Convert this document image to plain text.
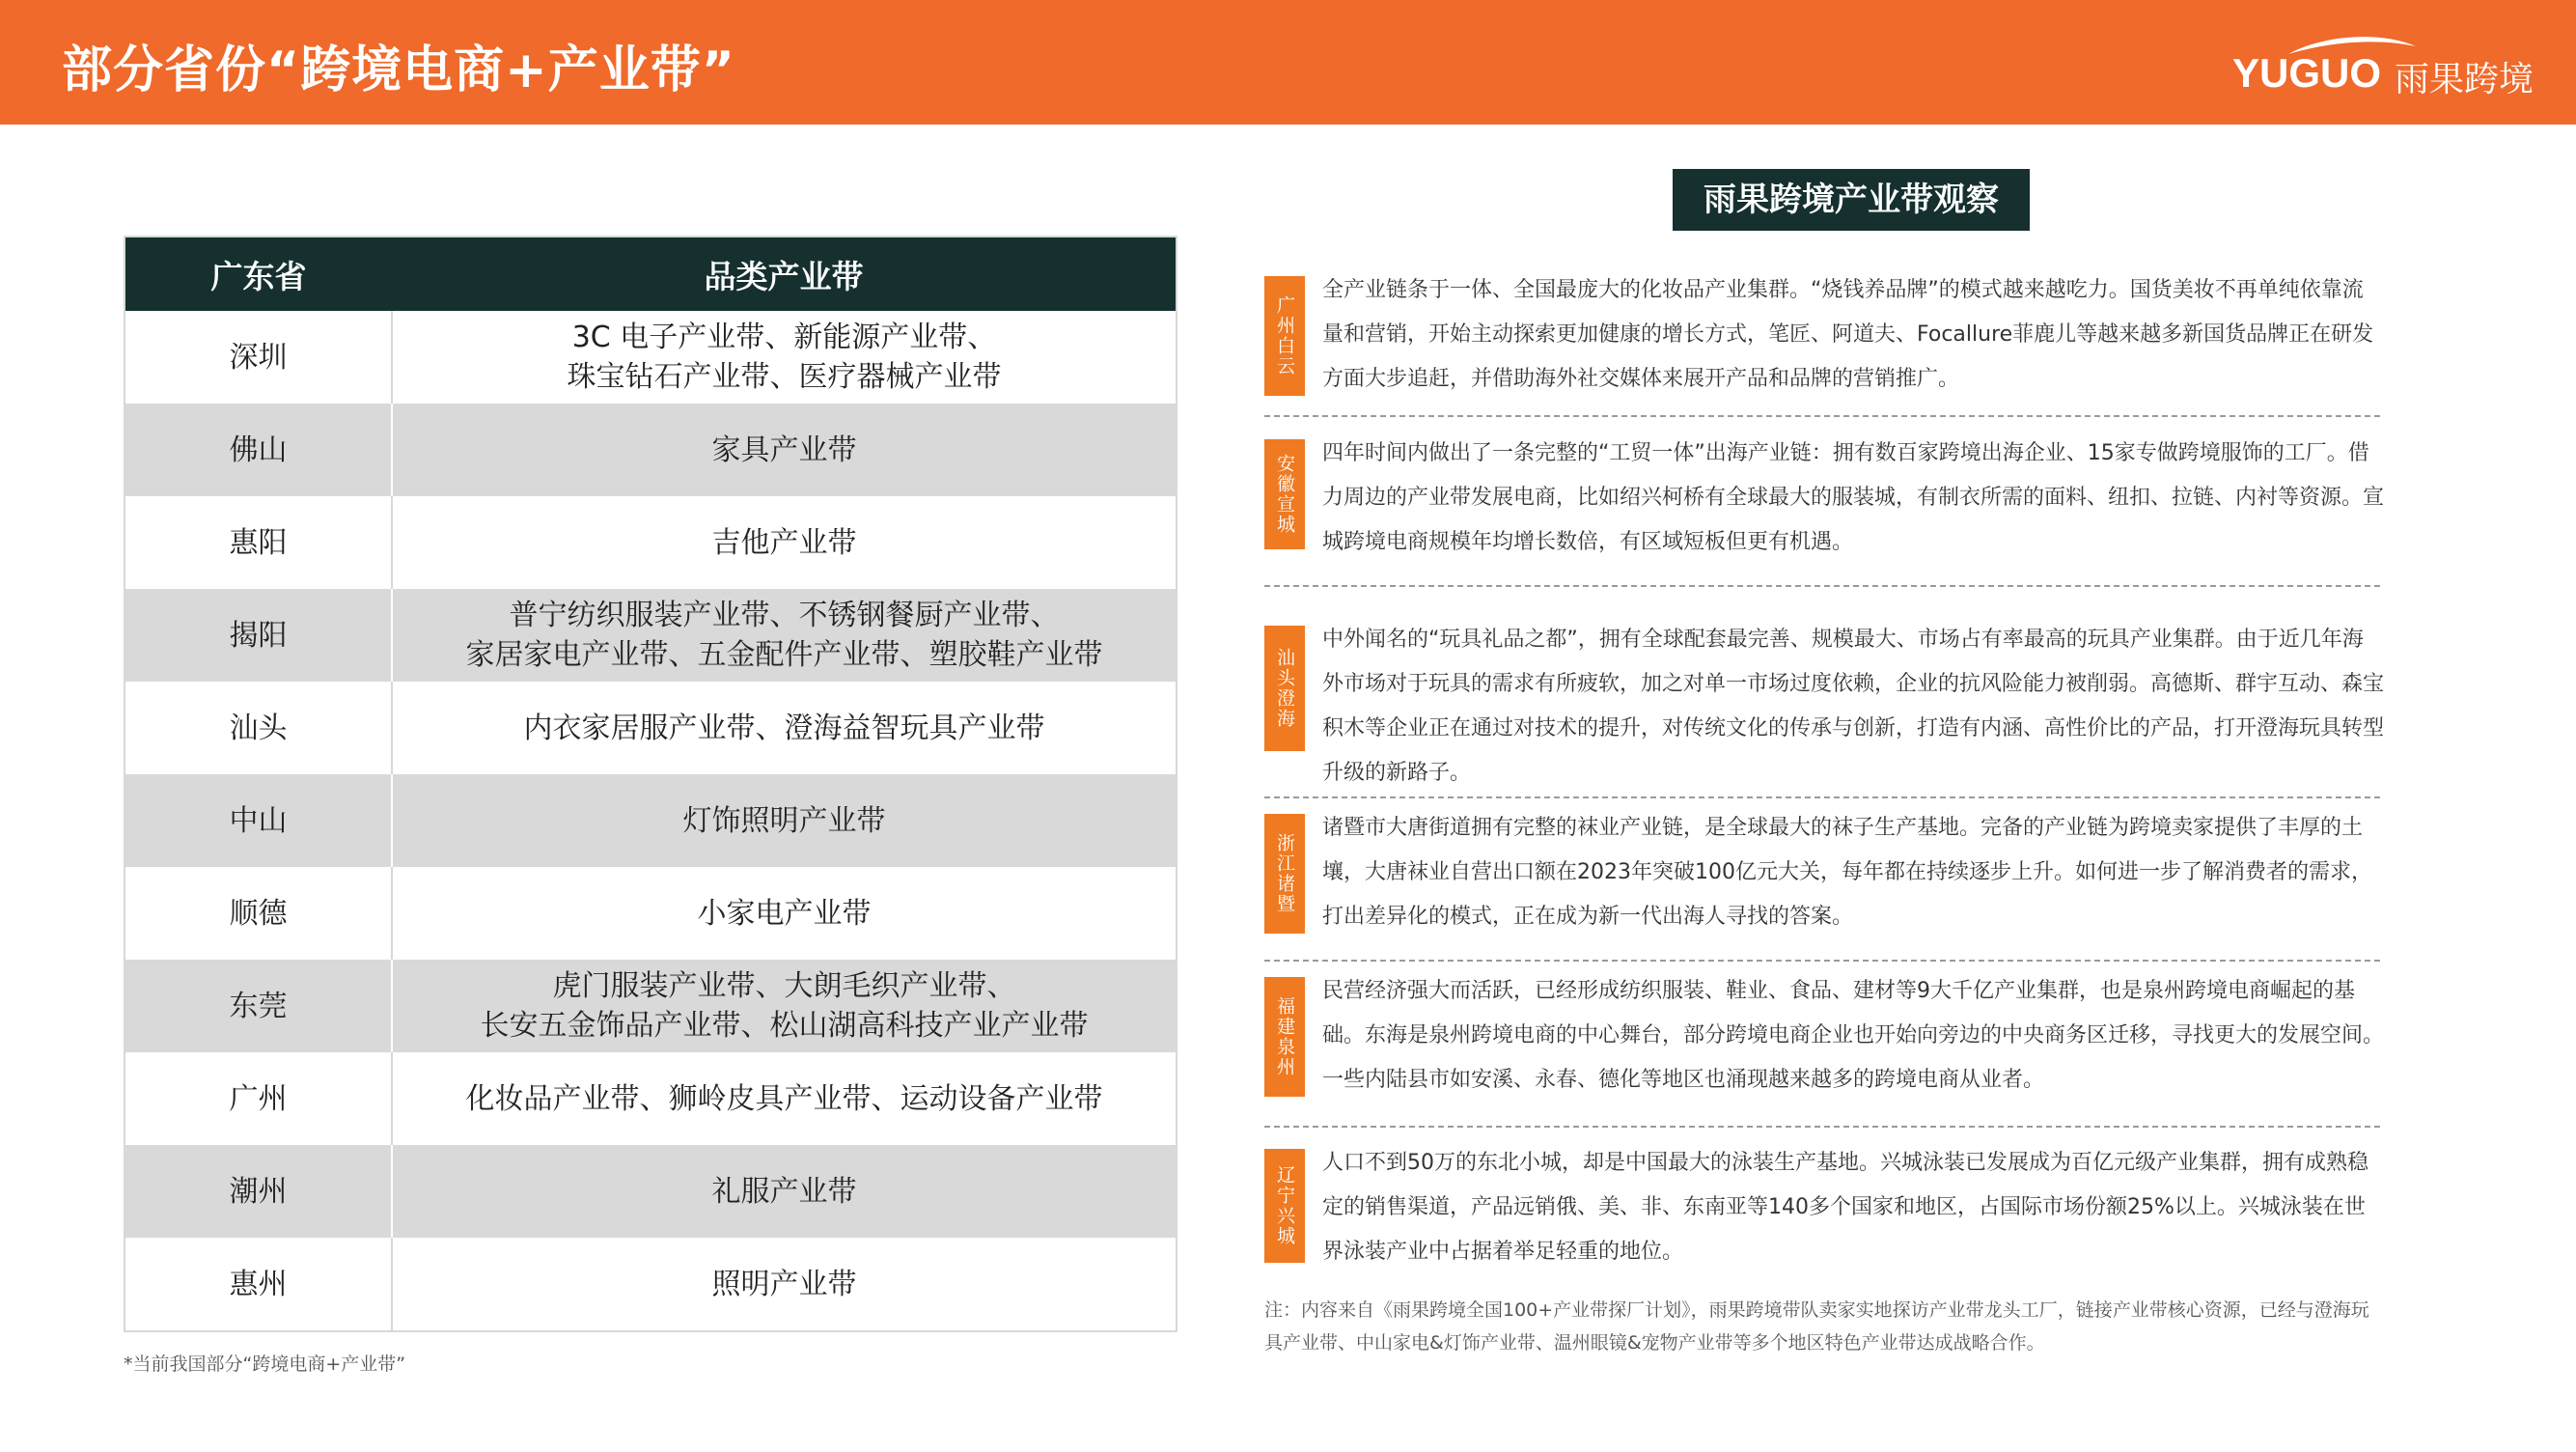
部分省份“跨境电商+产业带”	YUGUO 雨果跨境
广东省	品类产业带
深圳	3C 电子产业带、新能源产业带、
珠宝钻石产业带、医疗器械产业带
佛山	家具产业带
惠阳	吉他产业带
揭阳	普宁纺织服装产业带、不锈钢餐厨产业带、
家居家电产业带、五金配件产业带、塑胶鞋产业带
汕头	内衣家居服产业带、澄海益智玩具产业带
中山	灯饰照明产业带
顺德	小家电产业带
东莞	虎门服装产业带、大朗毛织产业带、
长安五金饰品产业带、松山湖高科技产业产业带
广州	化妆品产业带、狮岭皮具产业带、运动设备产业带
潮州	礼服产业带
惠州	照明产业带
*当前我国部分“跨境电商+产业带”
雨果跨境产业带观察
广州白云
全产业链条于一体、全国最庞大的化妆品产业集群。“烧钱养品牌”的模式越来越吃力。国货美妆不再单纯依靠流量和营销，开始主动探索更加健康的增长方式，笔匠、阿道夫、Focallure菲鹿儿等越来越多新国货品牌正在研发方面大步追赶，并借助海外社交媒体来展开产品和品牌的营销推广。
安徽宣城
四年时间内做出了一条完整的“工贸一体”出海产业链：拥有数百家跨境出海企业、15家专做跨境服饰的工厂。借力周边的产业带发展电商，比如绍兴柯桥有全球最大的服装城，有制衣所需的面料、纽扣、拉链、内衬等资源。宣城跨境电商规模年均增长数倍，有区域短板但更有机遇。
汕头澄海
中外闻名的“玩具礼品之都”，拥有全球配套最完善、规模最大、市场占有率最高的玩具产业集群。由于近几年海外市场对于玩具的需求有所疲软，加之对单一市场过度依赖，企业的抗风险能力被削弱。高德斯、群宇互动、森宝积木等企业正在通过对技术的提升，对传统文化的传承与创新，打造有内涵、高性价比的产品，打开澄海玩具转型升级的新路子。
浙江诸暨
诸暨市大唐街道拥有完整的袜业产业链，是全球最大的袜子生产基地。完备的产业链为跨境卖家提供了丰厚的土壤，大唐袜业自营出口额在2023年突破100亿元大关，每年都在持续逐步上升。如何进一步了解消费者的需求，打出差异化的模式，正在成为新一代出海人寻找的答案。
福建泉州
民营经济强大而活跃，已经形成纺织服装、鞋业、食品、建材等9大千亿产业集群，也是泉州跨境电商崛起的基础。东海是泉州跨境电商的中心舞台，部分跨境电商企业也开始向旁边的中央商务区迁移，寻找更大的发展空间。一些内陆县市如安溪、永春、德化等地区也涌现越来越多的跨境电商从业者。
辽宁兴城
人口不到50万的东北小城，却是中国最大的泳装生产基地。兴城泳装已发展成为百亿元级产业集群，拥有成熟稳定的销售渠道，产品远销俄、美、非、东南亚等140多个国家和地区，占国际市场份额25%以上。兴城泳装在世界泳装产业中占据着举足轻重的地位。
注：内容来自《雨果跨境全国100+产业带探厂计划》，雨果跨境带队卖家实地探访产业带龙头工厂，链接产业带核心资源，已经与澄海玩具产业带、中山家电&灯饰产业带、温州眼镜&宠物产业带等多个地区特色产业带达成战略合作。
